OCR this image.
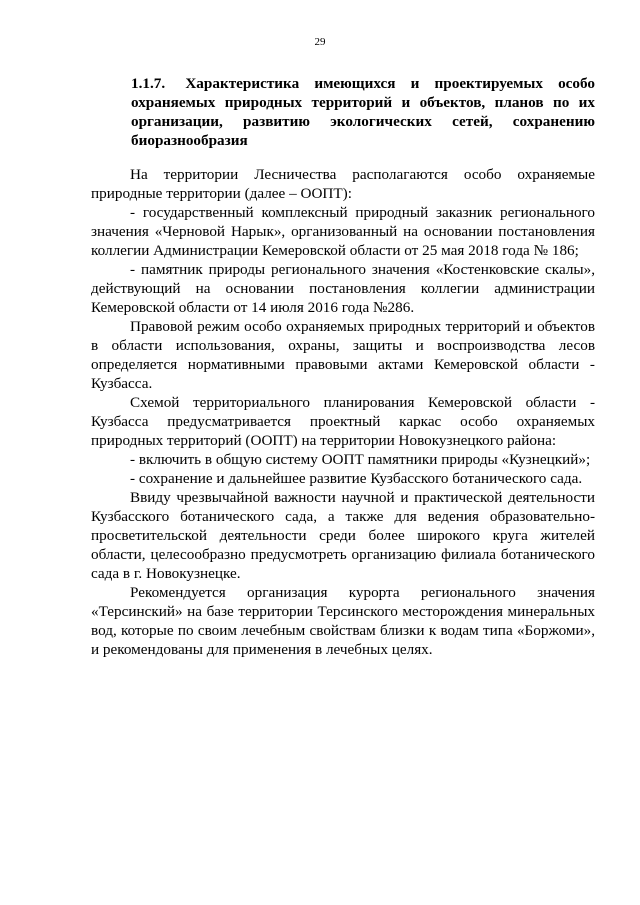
29
1.1.7. Характеристика имеющихся и проектируемых особо охраняемых природных территорий и объектов, планов по их организации, развитию экологических сетей, сохранению биоразнообразия

На территории Лесничества располагаются особо охраняемые природные территории (далее – ООПТ):

- государственный комплексный природный заказник регионального значения «Черновой Нарык», организованный на основании постановления коллегии Администрации Кемеровской области от 25 мая 2018 года № 186;

- памятник природы регионального значения «Костенковские скалы», действующий на основании постановления коллегии администрации Кемеровской области от 14 июля 2016 года №286.

Правовой режим особо охраняемых природных территорий и объектов в области использования, охраны, защиты и воспроизводства лесов определяется нормативными правовыми актами Кемеровской области - Кузбасса.

Схемой территориального планирования Кемеровской области - Кузбасса предусматривается проектный каркас особо охраняемых природных территорий (ООПТ) на территории Новокузнецкого района:

- включить в общую систему ООПТ памятники природы «Кузнецкий»;

- сохранение и дальнейшее развитие Кузбасского ботанического сада.

Ввиду чрезвычайной важности научной и практической деятельности Кузбасского ботанического сада, а также для ведения образовательно-просветительской деятельности среди более широкого круга жителей области, целесообразно предусмотреть организацию филиала ботанического сада в г. Новокузнецке.

Рекомендуется организация курорта регионального значения «Терсинский» на базе территории Терсинского месторождения минеральных вод, которые по своим лечебным свойствам близки к водам типа «Боржоми», и рекомендованы для применения в лечебных целях.
